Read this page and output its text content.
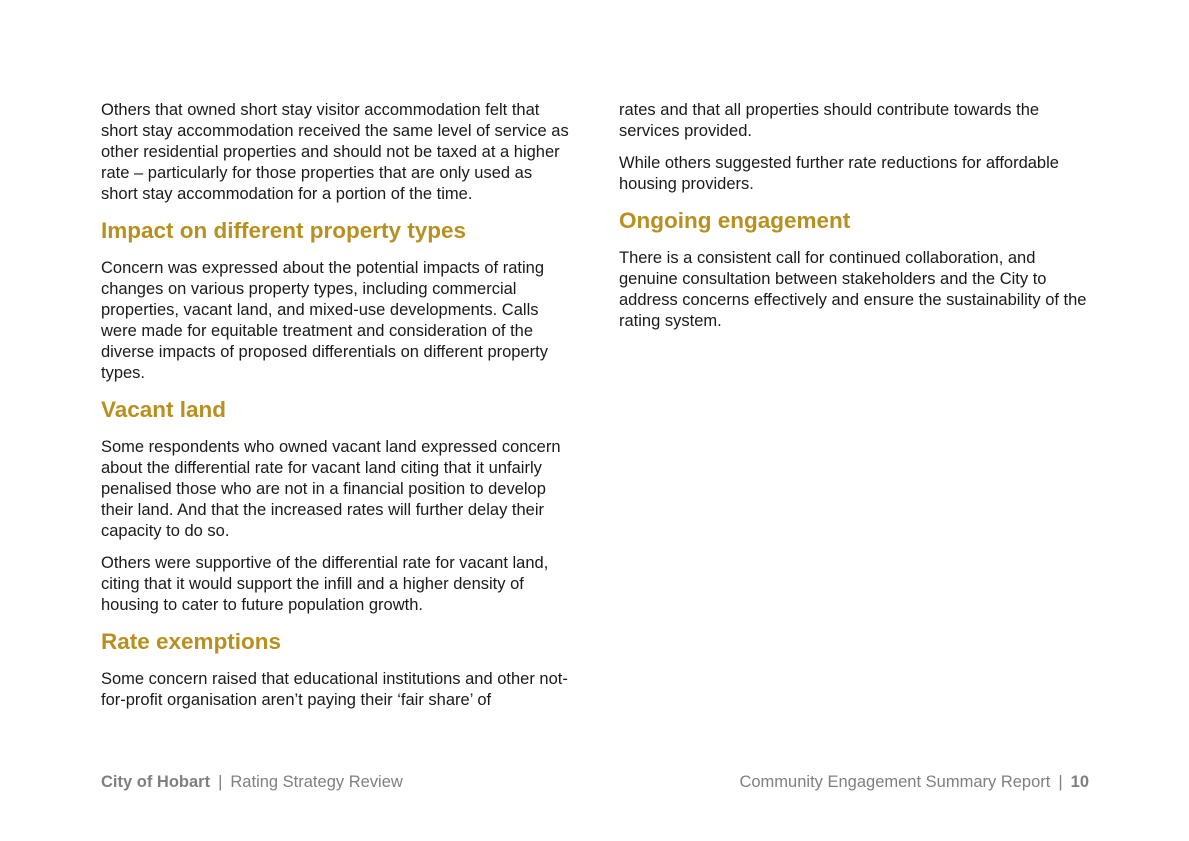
Others that owned short stay visitor accommodation felt that short stay accommodation received the same level of service as other residential properties and should not be taxed at a higher rate – particularly for those properties that are only used as short stay accommodation for a portion of the time.

Impact on different property types

Concern was expressed about the potential impacts of rating changes on various property types, including commercial properties, vacant land, and mixed-use developments. Calls were made for equitable treatment and consideration of the diverse impacts of proposed differentials on different property types.

Vacant land

Some respondents who owned vacant land expressed concern about the differential rate for vacant land citing that it unfairly penalised those who are not in a financial position to develop their land. And that the increased rates will further delay their capacity to do so.

Others were supportive of the differential rate for vacant land, citing that it would support the infill and a higher density of housing to cater to future population growth.

Rate exemptions

Some concern raised that educational institutions and other not-for-profit organisation aren’t paying their ‘fair share’ of

rates and that all properties should contribute towards the services provided.

While others suggested further rate reductions for affordable housing providers.

Ongoing engagement

There is a consistent call for continued collaboration, and genuine consultation between stakeholders and the City to address concerns effectively and ensure the sustainability of the rating system.

City of Hobart | Rating Strategy Review	Community Engagement Summary Report | 10
